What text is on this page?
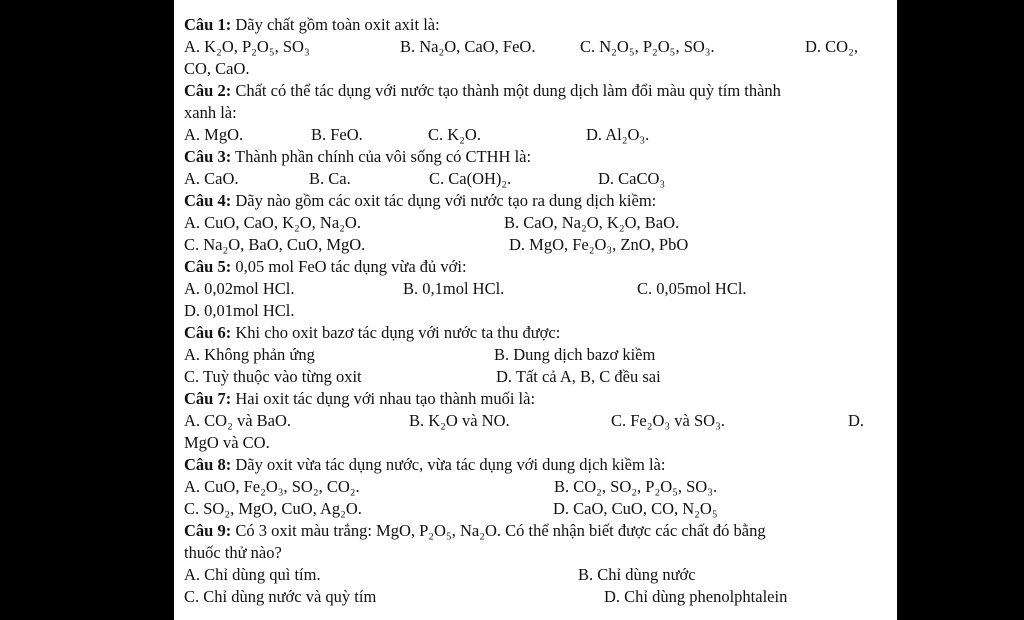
Câu 1: Dãy chất gồm toàn oxit axit là:
A. K₂O, P₂O₅, SO₃	B. Na₂O, CaO, FeO.	C. N₂O₅, P₂O₅, SO₃.	D. CO₂,
CO, CaO.
Câu 2: Chất có thể tác dụng với nước tạo thành một dung dịch làm đổi màu quỳ tím thành
xanh là:
A. MgO.	B. FeO.	C. K₂O.	D. Al₂O₃.
Câu 3: Thành phần chính của vôi sống có CTHH là:
A. CaO.	B. Ca.	C. Ca(OH)₂.	D. CaCO₃
Câu 4: Dãy nào gồm các oxit tác dụng với nước tạo ra dung dịch kiềm:
A. CuO, CaO, K₂O, Na₂O.	B. CaO, Na₂O, K₂O, BaO.
C. Na₂O, BaO, CuO, MgO.	D. MgO, Fe₂O₃, ZnO, PbO
Câu 5: 0,05 mol FeO tác dụng vừa đủ với:
A. 0,02mol HCl.	B. 0,1mol HCl.	C. 0,05mol HCl.
D. 0,01mol HCl.
Câu 6: Khi cho oxit bazơ tác dụng với nước ta thu được:
A. Không phản ứng	B. Dung dịch bazơ kiềm
C. Tuỳ thuộc vào từng oxit	D. Tất cả A, B, C đều sai
Câu 7: Hai oxit tác dụng với nhau tạo thành muối là:
A. CO₂ và BaO.	B. K₂O và NO.	C. Fe₂O₃ và SO₃.	D.
MgO và CO.
Câu 8: Dãy oxit vừa tác dụng nước, vừa tác dụng với dung dịch kiềm là:
A. CuO, Fe₂O₃, SO₂, CO₂.	B. CO₂, SO₂, P₂O₅, SO₃.
C. SO₂, MgO, CuO, Ag₂O.	D. CaO, CuO, CO, N₂O₅
Câu 9: Có 3 oxit màu trắng: MgO, P₂O₅, Na₂O. Có thể nhận biết được các chất đó bằng
thuốc thử nào?
A. Chỉ dùng quì tím.	B. Chỉ dùng nước
C. Chỉ dùng nước và quỳ tím	D. Chỉ dùng phenolphtalein
